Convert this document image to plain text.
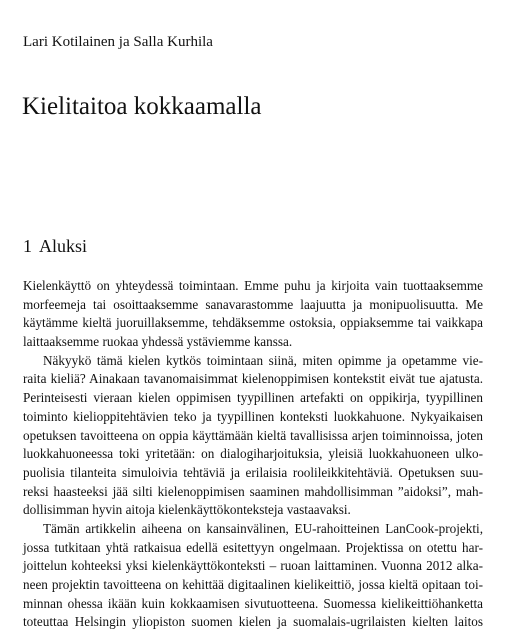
Lari Kotilainen ja Salla Kurhila
Kielitaitoa kokkaamalla
1 Aluksi
Kielenkäyttö on yhteydessä toimintaan. Emme puhu ja kirjoita vain tuottaaksemme
morfeemeja tai osoittaaksemme sanavarastomme laajuutta ja monipuolisuutta. Me
käytämme kieltä juoruillaksemme, tehdäksemme ostoksia, oppiaksemme tai vaikkapa
laittaaksemme ruokaa yhdessä ystäviemme kanssa.
Näkyykö tämä kielen kytkös toimintaan siinä, miten opimme ja opetamme vie-
raita kieliä? Ainakaan tavanomaisimmat kielenoppimisen kontekstit eivät tue ajatusta.
Perinteisesti vieraan kielen oppimisen tyypillinen artefakti on oppikirja, tyypillinen
toiminto kielioppitehtävien teko ja tyypillinen konteksti luokkahuone. Nykyaikaisen
opetuksen tavoitteena on oppia käyttämään kieltä tavallisissa arjen toiminnoissa, joten
luokkahuoneessa toki yritetään: on dialogiharjoituksia, yleisiä luokkahuoneen ulko-
puolisia tilanteita simuloivia tehtäviä ja erilaisia roolileikkitehtäviä. Opetuksen suu-
reksi haasteeksi jää silti kielenoppimisen saaminen mahdollisimman ”aidoksi”, mah-
dollisimman hyvin aitoja kielenkäyttökonteksteja vastaavaksi.
Tämän artikkelin aiheena on kansainvälinen, EU-rahoitteinen LanCook-projekti,
jossa tutkitaan yhtä ratkaisua edellä esitettyyn ongelmaan. Projektissa on otettu har-
joittelun kohteeksi yksi kielenkäyttökonteksti – ruoan laittaminen. Vuonna 2012 alka-
neen projektin tavoitteena on kehittää digitaalinen kielikeittiö, jossa kieltä opitaan toi-
minnan ohessa ikään kuin kokkaamisen sivutuotteena. Suomessa kielikeittiöhanketta
toteuttaa Helsingin yliopiston suomen kielen ja suomalais-ugrilaisten kielten laitos
